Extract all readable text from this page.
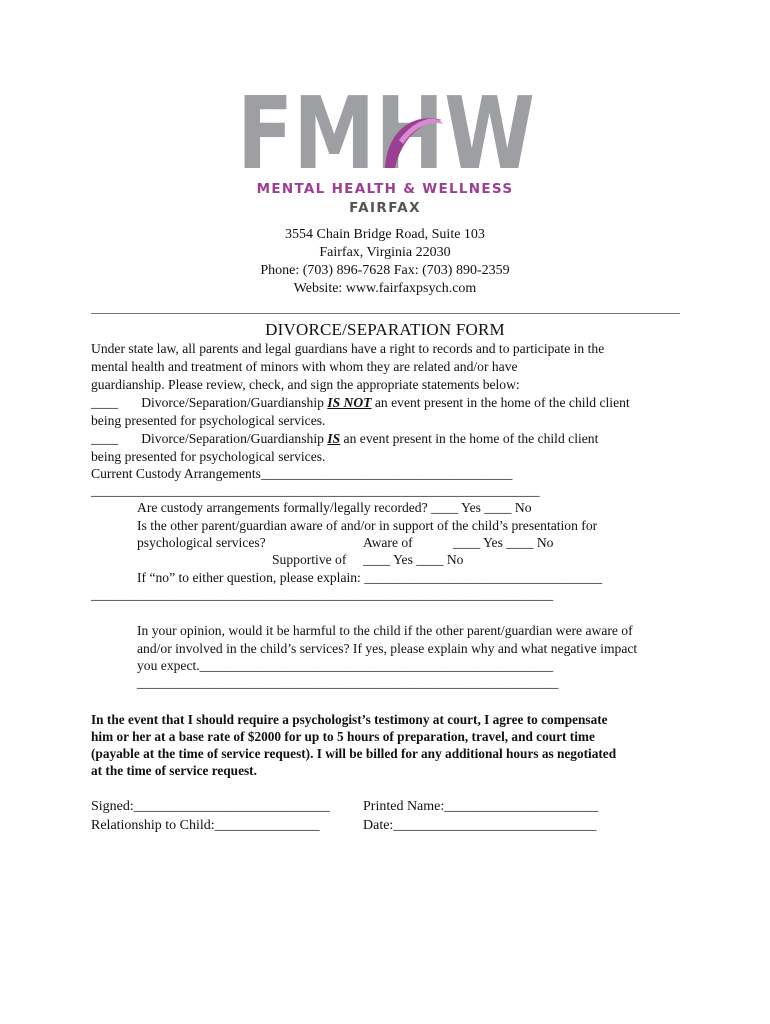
FMHW
MENTAL HEALTH & WELLNESS
FAIRFAX
3554 Chain Bridge Road, Suite 103
Fairfax, Virginia 22030
Phone: (703) 896-7628 Fax: (703) 890-2359
Website: www.fairfaxpsych.com
DIVORCE/SEPARATION FORM
Under state law, all parents and legal guardians have a right to records and to participate in the
mental health and treatment of minors with whom they are related and/or have
guardianship. Please review, check, and sign the appropriate statements below:
____ Divorce/Separation/Guardianship IS NOT an event present in the home of the child client
being presented for psychological services.
____ Divorce/Separation/Guardianship IS an event present in the home of the child client
being presented for psychological services.
Current Custody Arrangements_____________________________________
__________________________________________________________________
Are custody arrangements formally/legally recorded? ____ Yes ____ No
Is the other parent/guardian aware of and/or in support of the child’s presentation for
psychological services?	Aware of	____ Yes ____ No
Supportive of ____ Yes ____ No
If “no” to either question, please explain: ___________________________________
____________________________________________________________________
In your opinion, would it be harmful to the child if the other parent/guardian were aware of
and/or involved in the child’s services? If yes, please explain why and what negative impact
you expect.____________________________________________________
______________________________________________________________
In the event that I should require a psychologist’s testimony at court, I agree to compensate
him or her at a base rate of $2000 for up to 5 hours of preparation, travel, and court time
(payable at the time of service request). I will be billed for any additional hours as negotiated
at the time of service request.
Signed:____________________________ Printed Name:______________________
Relationship to Child:_______________	Date:_____________________________
